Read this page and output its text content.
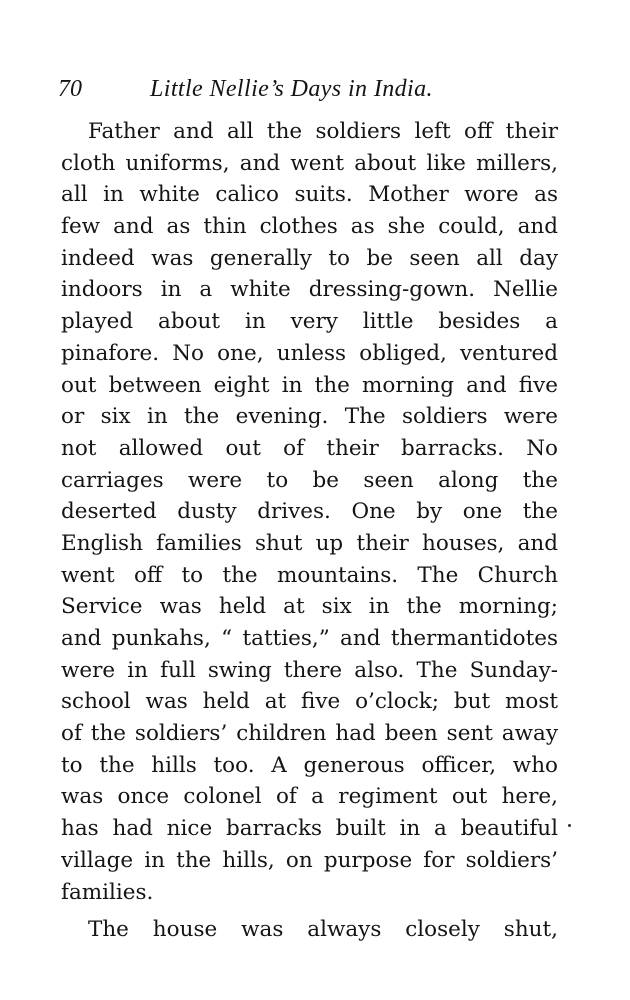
70	Little Nellie’s Days in India.
Father and all the soldiers left off their
cloth uniforms, and went about like millers,
all in white calico suits. Mother wore as
few and as thin clothes as she could, and
indeed was generally to be seen all day
indoors in a white dressing-gown. Nellie
played about in very little besides a
pinafore. No one, unless obliged, ventured
out between eight in the morning and five
or six in the evening. The soldiers were
not allowed out of their barracks. No
carriages were to be seen along the
deserted dusty drives. One by one the
English families shut up their houses, and
went off to the mountains. The Church
Service was held at six in the morning;
and punkahs, “ tatties,” and thermantidotes
were in full swing there also. The Sunday-
school was held at five o’clock; but most
of the soldiers’ children had been sent away
to the hills too. A generous officer, who
was once colonel of a regiment out here,
has had nice barracks built in a beautiful
village in the hills, on purpose for soldiers’
families.
The house was always closely shut,
